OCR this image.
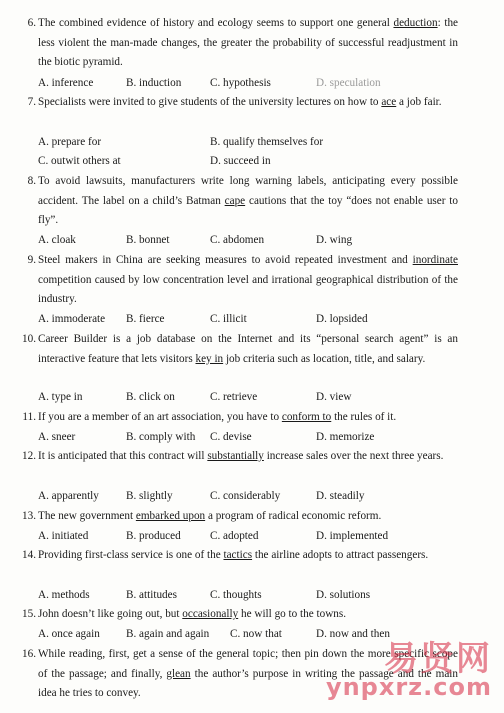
6. The combined evidence of history and ecology seems to support one general deduction: the less violent the man-made changes, the greater the probability of successful readjustment in the biotic pyramid.
A. inference	B. induction	C. hypothesis	D. speculation
7. Specialists were invited to give students of the university lectures on how to ace a job fair.
A. prepare for	B. qualify themselves for
C. outwit others at	D. succeed in
8. To avoid lawsuits, manufacturers write long warning labels, anticipating every possible accident. The label on a child’s Batman cape cautions that the toy “does not enable user to fly”.
A. cloak	B. bonnet	C. abdomen	D. wing
9. Steel makers in China are seeking measures to avoid repeated investment and inordinate competition caused by low concentration level and irrational geographical distribution of the industry.
A. immoderate B. fierce	C. illicit	D. lopsided
10. Career Builder is a job database on the Internet and its “personal search agent” is an interactive feature that lets visitors key in job criteria such as location, title, and salary.
A. type in	B. click on	C. retrieve	D. view
11. If you are a member of an art association, you have to conform to the rules of it.
A. sneer	B. comply with C. devise	D. memorize
12. It is anticipated that this contract will substantially increase sales over the next three years.
A. apparently B. slightly	C. considerably	D. steadily
13. The new government embarked upon a program of radical economic reform.
A. initiated	B. produced	C. adopted	D. implemented
14. Providing first-class service is one of the tactics the airline adopts to attract passengers.
A. methods	B. attitudes	C. thoughts	D. solutions
15. John doesn’t like going out, but occasionally he will go to the towns.
A. once again B. again and again C. now that	D. now and then
16. While reading, first, get a sense of the general topic; then pin down the more specific scope of the passage; and finally, glean the author’s purpose in writing the passage and the main idea he tries to convey.
易贤网
ynpxrz.com
